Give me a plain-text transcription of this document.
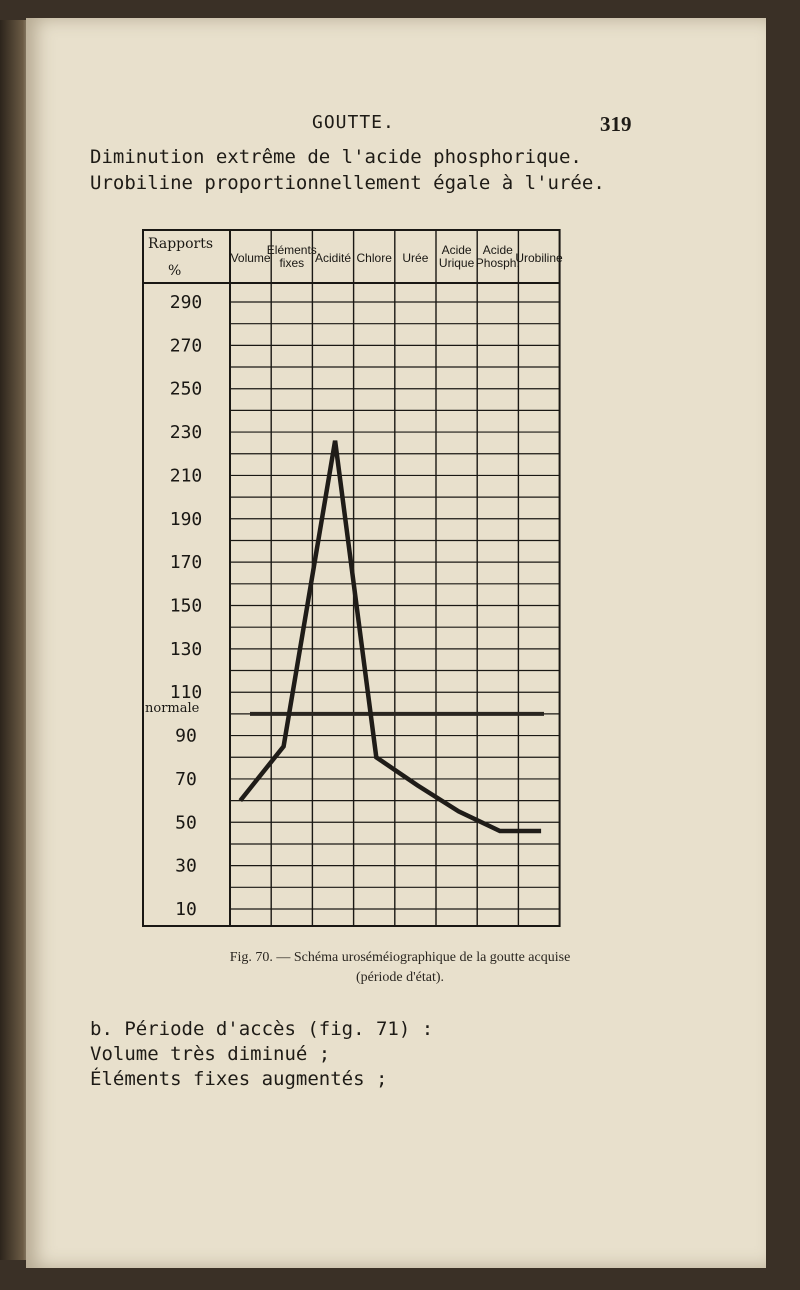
GOUTTE.	319
Diminution extrême de l'acide phosphorique.
Urobiline proportionnellement égale à l'urée.
Rapports
%
normale
Volume
Eléments
fixes Acidité Chlore Urée
Acide
Urique
Acide
Phosph.
Urobiline
290
270
250
230
210
190
170
150
130
110
90
70
50
30
10
Fig. 70. — Schéma uroséméiographique de la goutte acquise
(période d'état).
b. Période d'accès (fig. 71) :
Volume très diminué ;
Éléments fixes augmentés ;
